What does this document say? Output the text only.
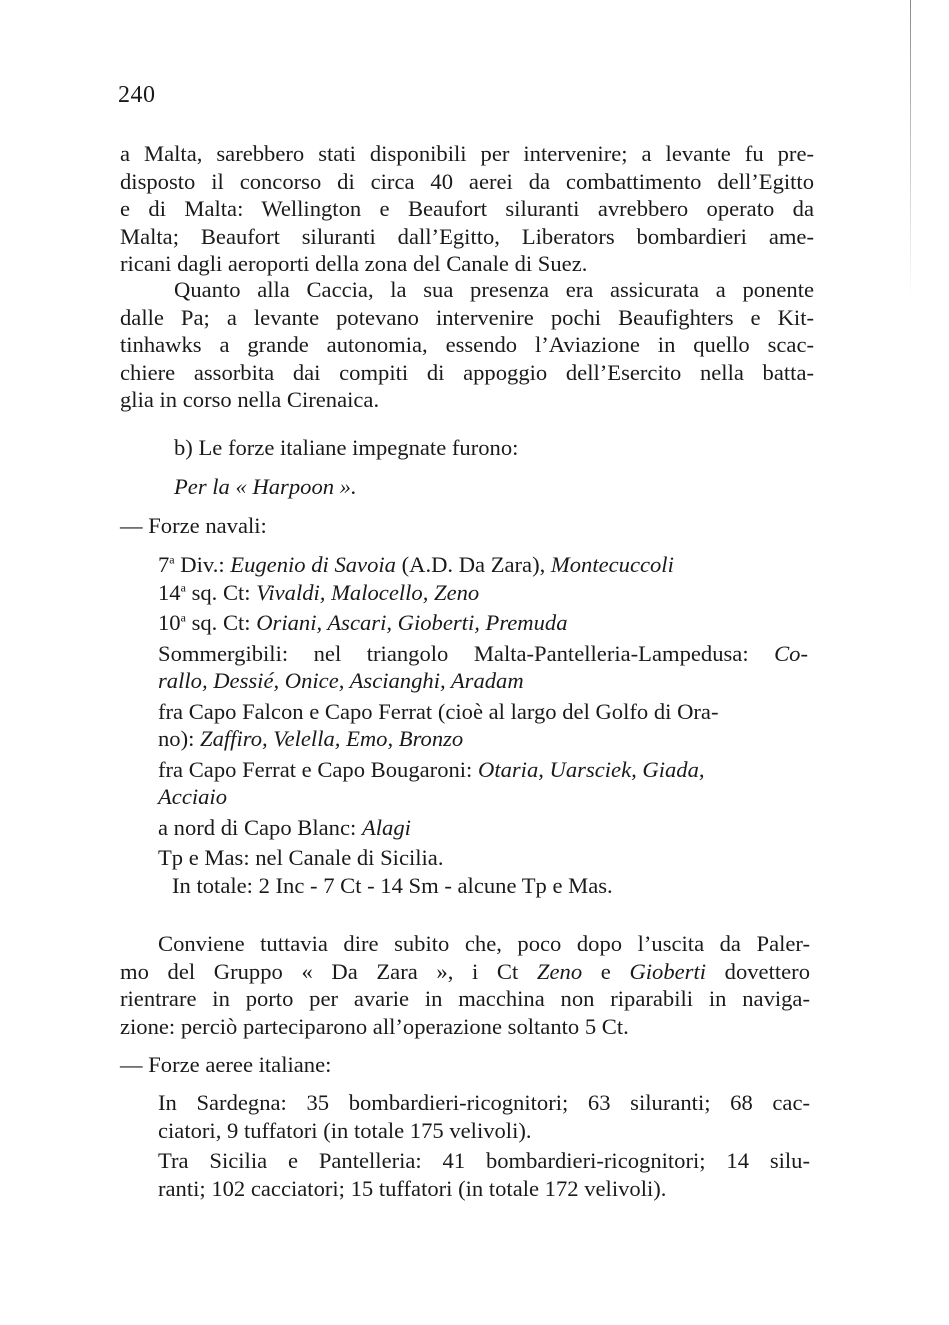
240
a Malta, sarebbero stati disponibili per intervenire; a levante fu pre-
disposto il concorso di circa 40 aerei da combattimento dell’Egitto
e di Malta: Wellington e Beaufort siluranti avrebbero operato da
Malta; Beaufort siluranti dall’Egitto, Liberators bombardieri ame-
ricani dagli aeroporti della zona del Canale di Suez.
Quanto alla Caccia, la sua presenza era assicurata a ponente
dalle Pa; a levante potevano intervenire pochi Beaufighters e Kit-
tinhawks a grande autonomia, essendo l’Aviazione in quello scac-
chiere assorbita dai compiti di appoggio dell’Esercito nella batta-
glia in corso nella Cirenaica.
b) Le forze italiane impegnate furono:
Per la « Harpoon ».
— Forze navali:
7$^a$ Div.: Eugenio di Savoia (A.D. Da Zara), Montecuccoli
14$^a$ sq. Ct: Vivaldi, Malocello, Zeno
10$^a$ sq. Ct: Oriani, Ascari, Gioberti, Premuda
Sommergibili: nel triangolo Malta-Pantelleria-Lampedusa: Co-
rallo, Dessié, Onice, Ascianghi, Aradam
fra Capo Falcon e Capo Ferrat (cioè al largo del Golfo di Ora-
no): Zaffiro, Velella, Emo, Bronzo
fra Capo Ferrat e Capo Bougaroni: Otaria, Uarsciek, Giada,
Acciaio
a nord di Capo Blanc: Alagi
Tp e Mas: nel Canale di Sicilia.
In totale: 2 Inc - 7 Ct - 14 Sm - alcune Tp e Mas.
Conviene tuttavia dire subito che, poco dopo l’uscita da Paler-
mo del Gruppo « Da Zara », i Ct Zeno e Gioberti dovettero
rientrare in porto per avarie in macchina non riparabili in naviga-
zione: perciò parteciparono all’operazione soltanto 5 Ct.
— Forze aeree italiane:
In Sardegna: 35 bombardieri-ricognitori; 63 siluranti; 68 cac-
ciatori, 9 tuffatori (in totale 175 velivoli).
Tra Sicilia e Pantelleria: 41 bombardieri-ricognitori; 14 silu-
ranti; 102 cacciatori; 15 tuffatori (in totale 172 velivoli).
